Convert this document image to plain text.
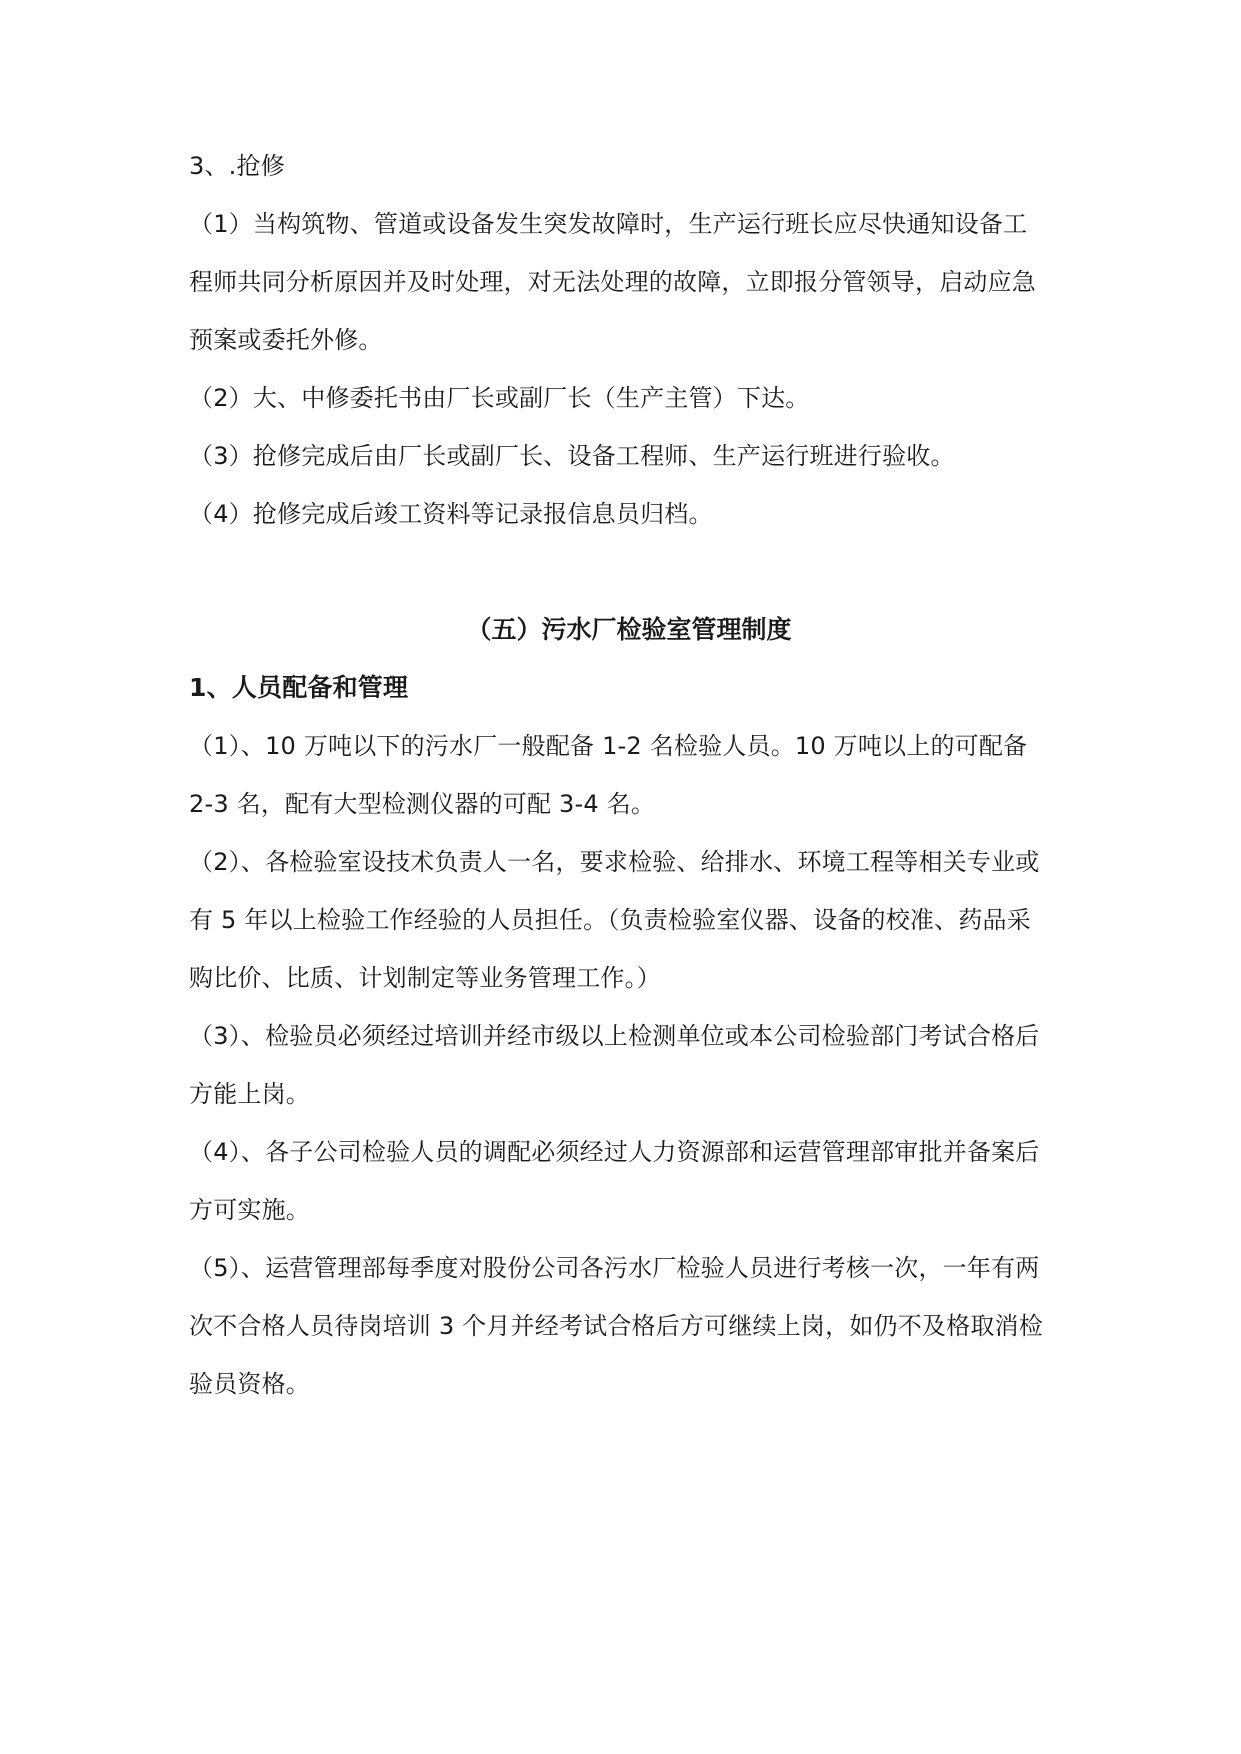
3、.抢修
（1）当构筑物、管道或设备发生突发故障时，生产运行班长应尽快通知设备工
程师共同分析原因并及时处理，对无法处理的故障，立即报分管领导，启动应急
预案或委托外修。
（2）大、中修委托书由厂长或副厂长（生产主管）下达。
（3）抢修完成后由厂长或副厂长、设备工程师、生产运行班进行验收。
（4）抢修完成后竣工资料等记录报信息员归档。
（五）污水厂检验室管理制度
1、人员配备和管理
（1）、10 万吨以下的污水厂一般配备 1-2 名检验人员。10 万吨以上的可配备
2-3 名，配有大型检测仪器的可配 3-4 名。
（2）、各检验室设技术负责人一名，要求检验、给排水、环境工程等相关专业或
有 5 年以上检验工作经验的人员担任。（负责检验室仪器、设备的校准、药品采
购比价、比质、计划制定等业务管理工作。）
（3）、检验员必须经过培训并经市级以上检测单位或本公司检验部门考试合格后
方能上岗。
（4）、各子公司检验人员的调配必须经过人力资源部和运营管理部审批并备案后
方可实施。
（5）、运营管理部每季度对股份公司各污水厂检验人员进行考核一次，一年有两
次不合格人员待岗培训 3 个月并经考试合格后方可继续上岗，如仍不及格取消检
验员资格。
